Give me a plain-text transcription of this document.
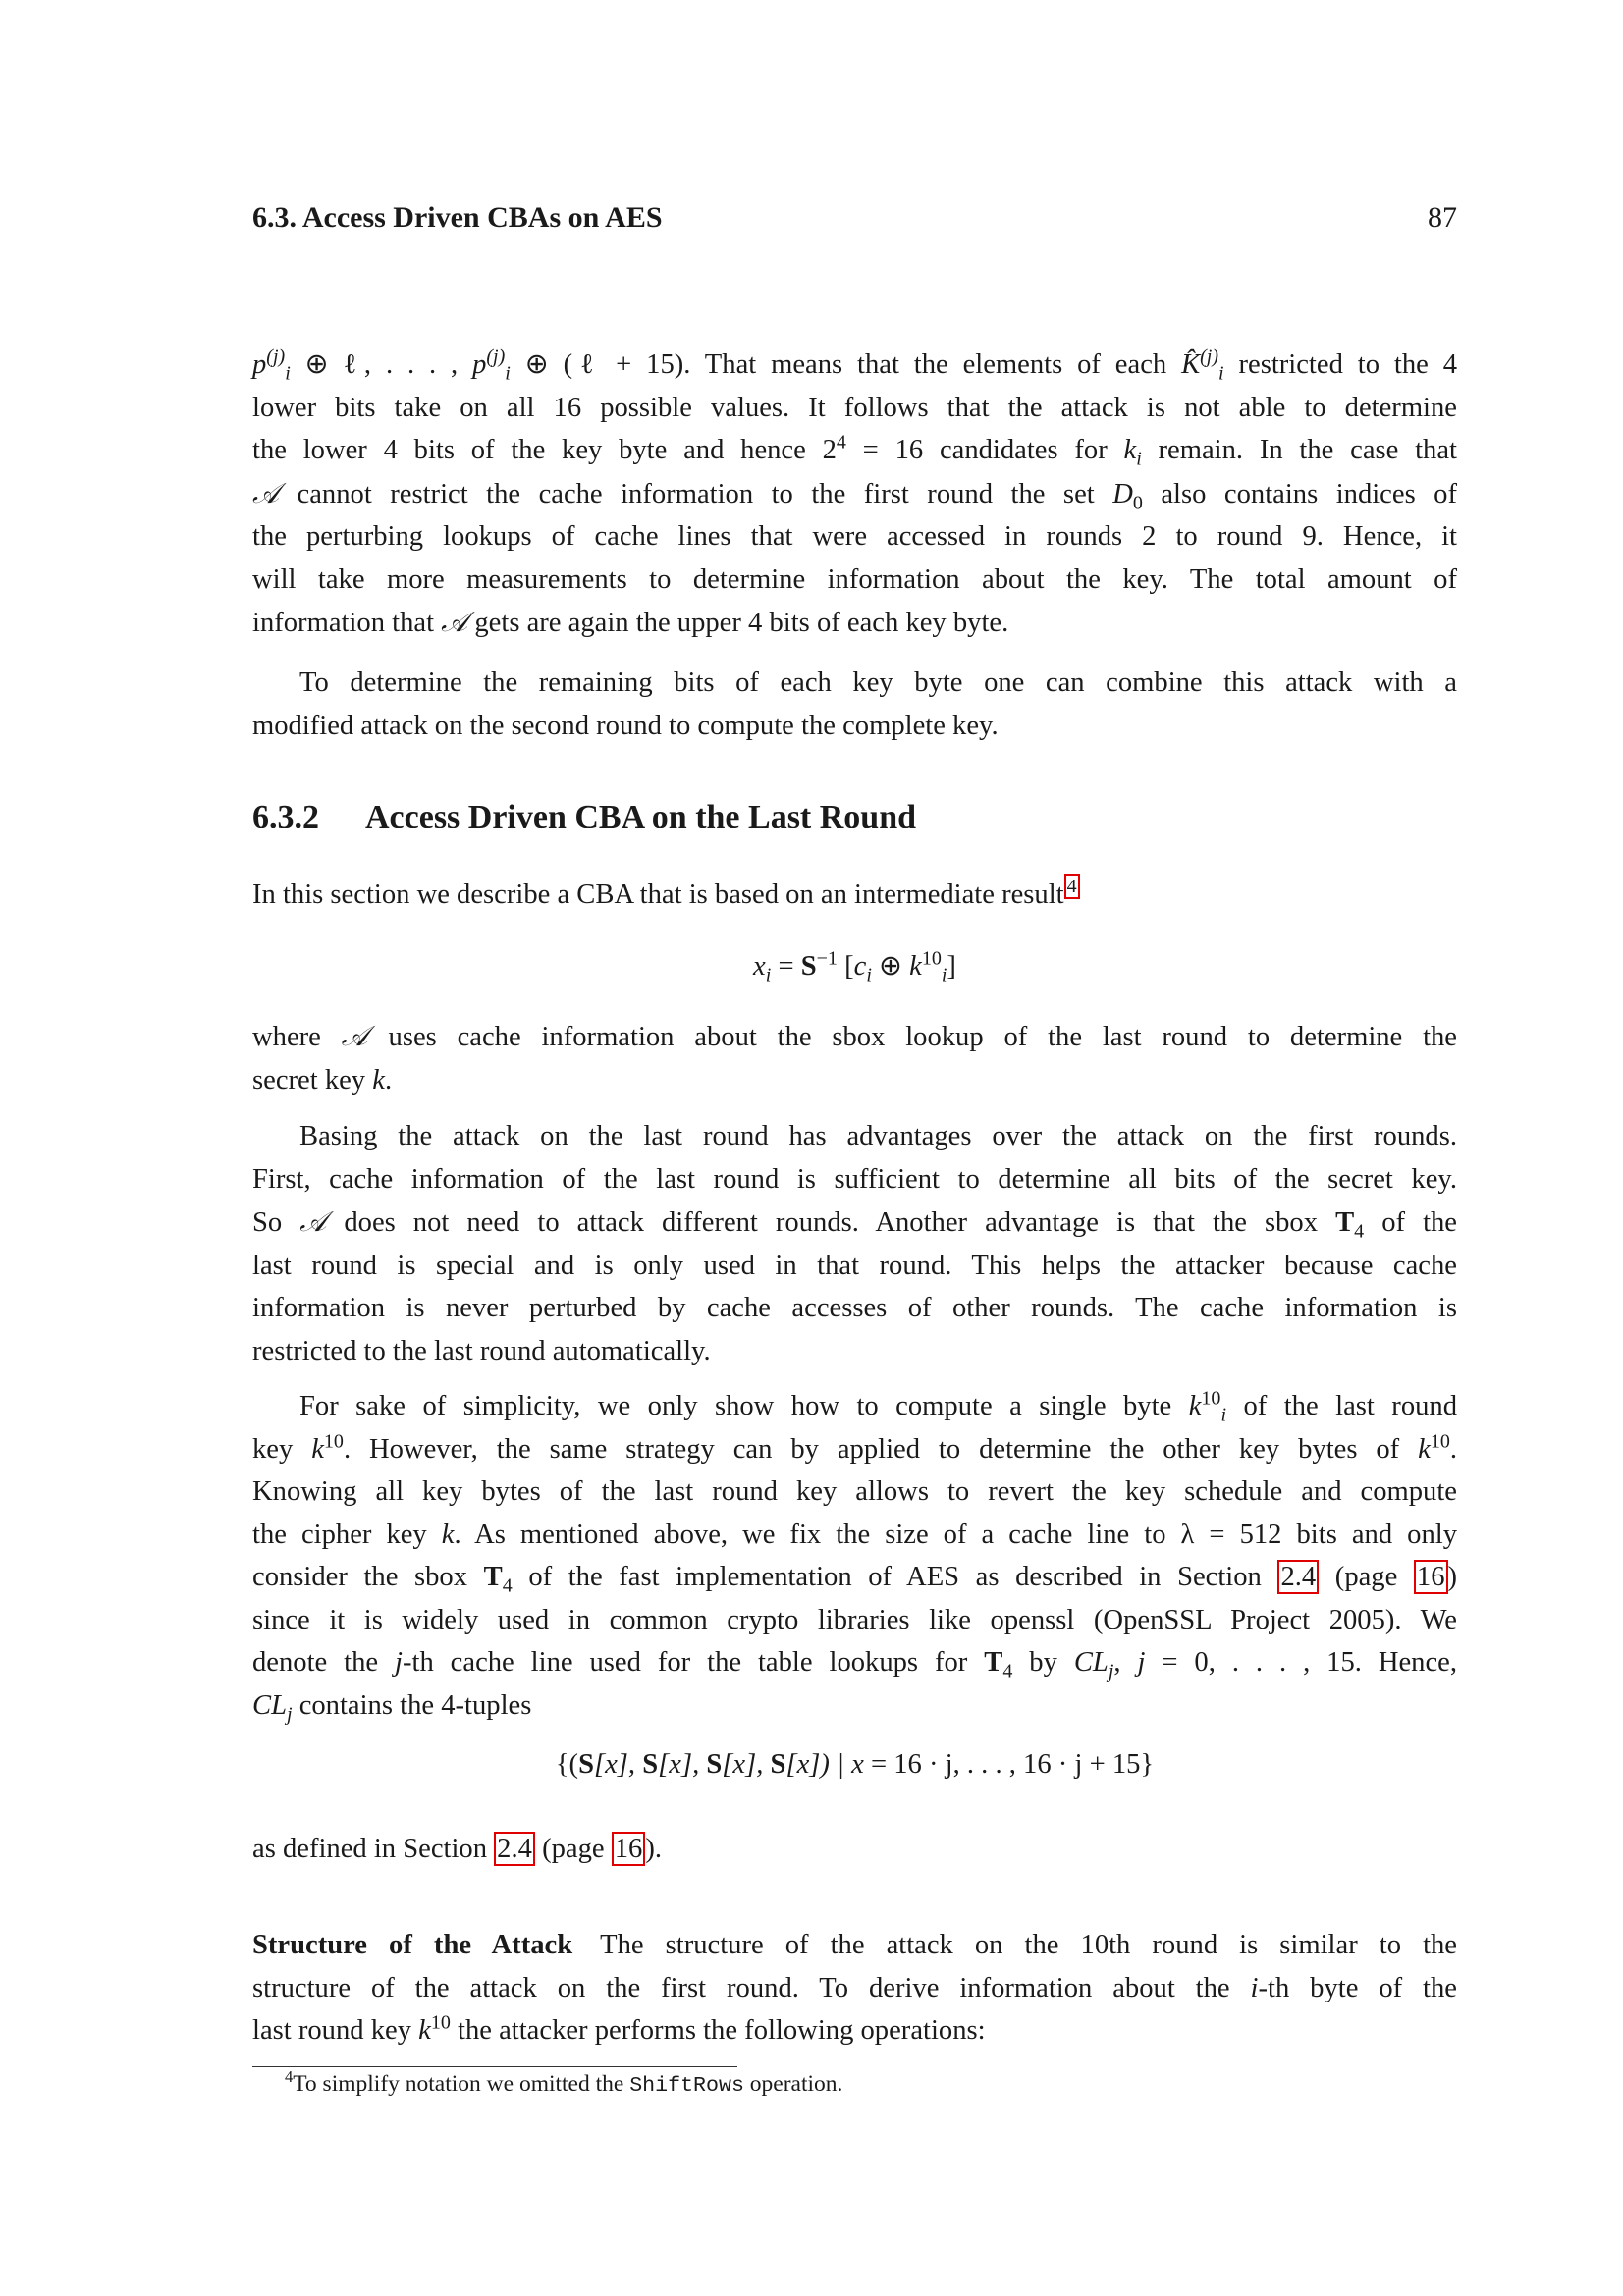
6.3. Access Driven CBAs on AES	87
$p^{(j)}_i$ ⊕ ℓ, . . . , $p^{(j)}_i$ ⊕ (ℓ + 15). That means that the elements of each K̂$^{(j)}_i$ restricted to the 4
lower bits take on all 16 possible values. It follows that the attack is not able to determine
the lower 4 bits of the key byte and hence $2^4 = 16$ candidates for $k_i$ remain. In the case that
𝒜 cannot restrict the cache information to the first round the set $D_0$ also contains indices of
the perturbing lookups of cache lines that were accessed in rounds 2 to round 9. Hence, it
will take more measurements to determine information about the key. The total amount of
information that 𝒜 gets are again the upper 4 bits of each key byte.
To determine the remaining bits of each key byte one can combine this attack with a
modified attack on the second round to compute the complete key.
6.3.2 Access Driven CBA on the Last Round
In this section we describe a CBA that is based on an intermediate result $^4$
$x_i = S^{-1}$ [$c_i$ ⊕ $k^{10}_i$]
where 𝒜 uses cache information about the sbox lookup of the last round to determine the
secret key k.
Basing the attack on the last round has advantages over the attack on the first rounds.
First, cache information of the last round is sufficient to determine all bits of the secret key.
So 𝒜 does not need to attack different rounds. Another advantage is that the sbox $T_4$ of the
last round is special and is only used in that round. This helps the attacker because cache
information is never perturbed by cache accesses of other rounds. The cache information is
restricted to the last round automatically.
For sake of simplicity, we only show how to compute a single byte $k^{10}_i$ of the last round
key $k^{10}$. However, the same strategy can by applied to determine the other key bytes of $k^{10}$.
Knowing all key bytes of the last round key allows to revert the key schedule and compute
the cipher key k. As mentioned above, we fix the size of a cache line to λ = 512 bits and only
consider the sbox $T_4$ of the fast implementation of AES as described in Section 2.4 (page 16 )
since it is widely used in common crypto libraries like openssl (OpenSSL Project 2005). We
denote the j-th cache line used for the table lookups for $T_4$ by $CL_j$, j = 0, . . . , 15. Hence,
$CL_j$ contains the 4-tuples
{(S[x], S[x], S[x], S[x]) | x = 16 · j, . . . , 16 · j + 15}
as defined in Section 2.4 (page 16 ).
Structure of the Attack The structure of the attack on the 10th round is similar to the
structure of the attack on the first round. To derive information about the i-th byte of the
last round key $k^{10}$ the attacker performs the following operations:
$^4$To simplify notation we omitted the ShiftRows operation.
